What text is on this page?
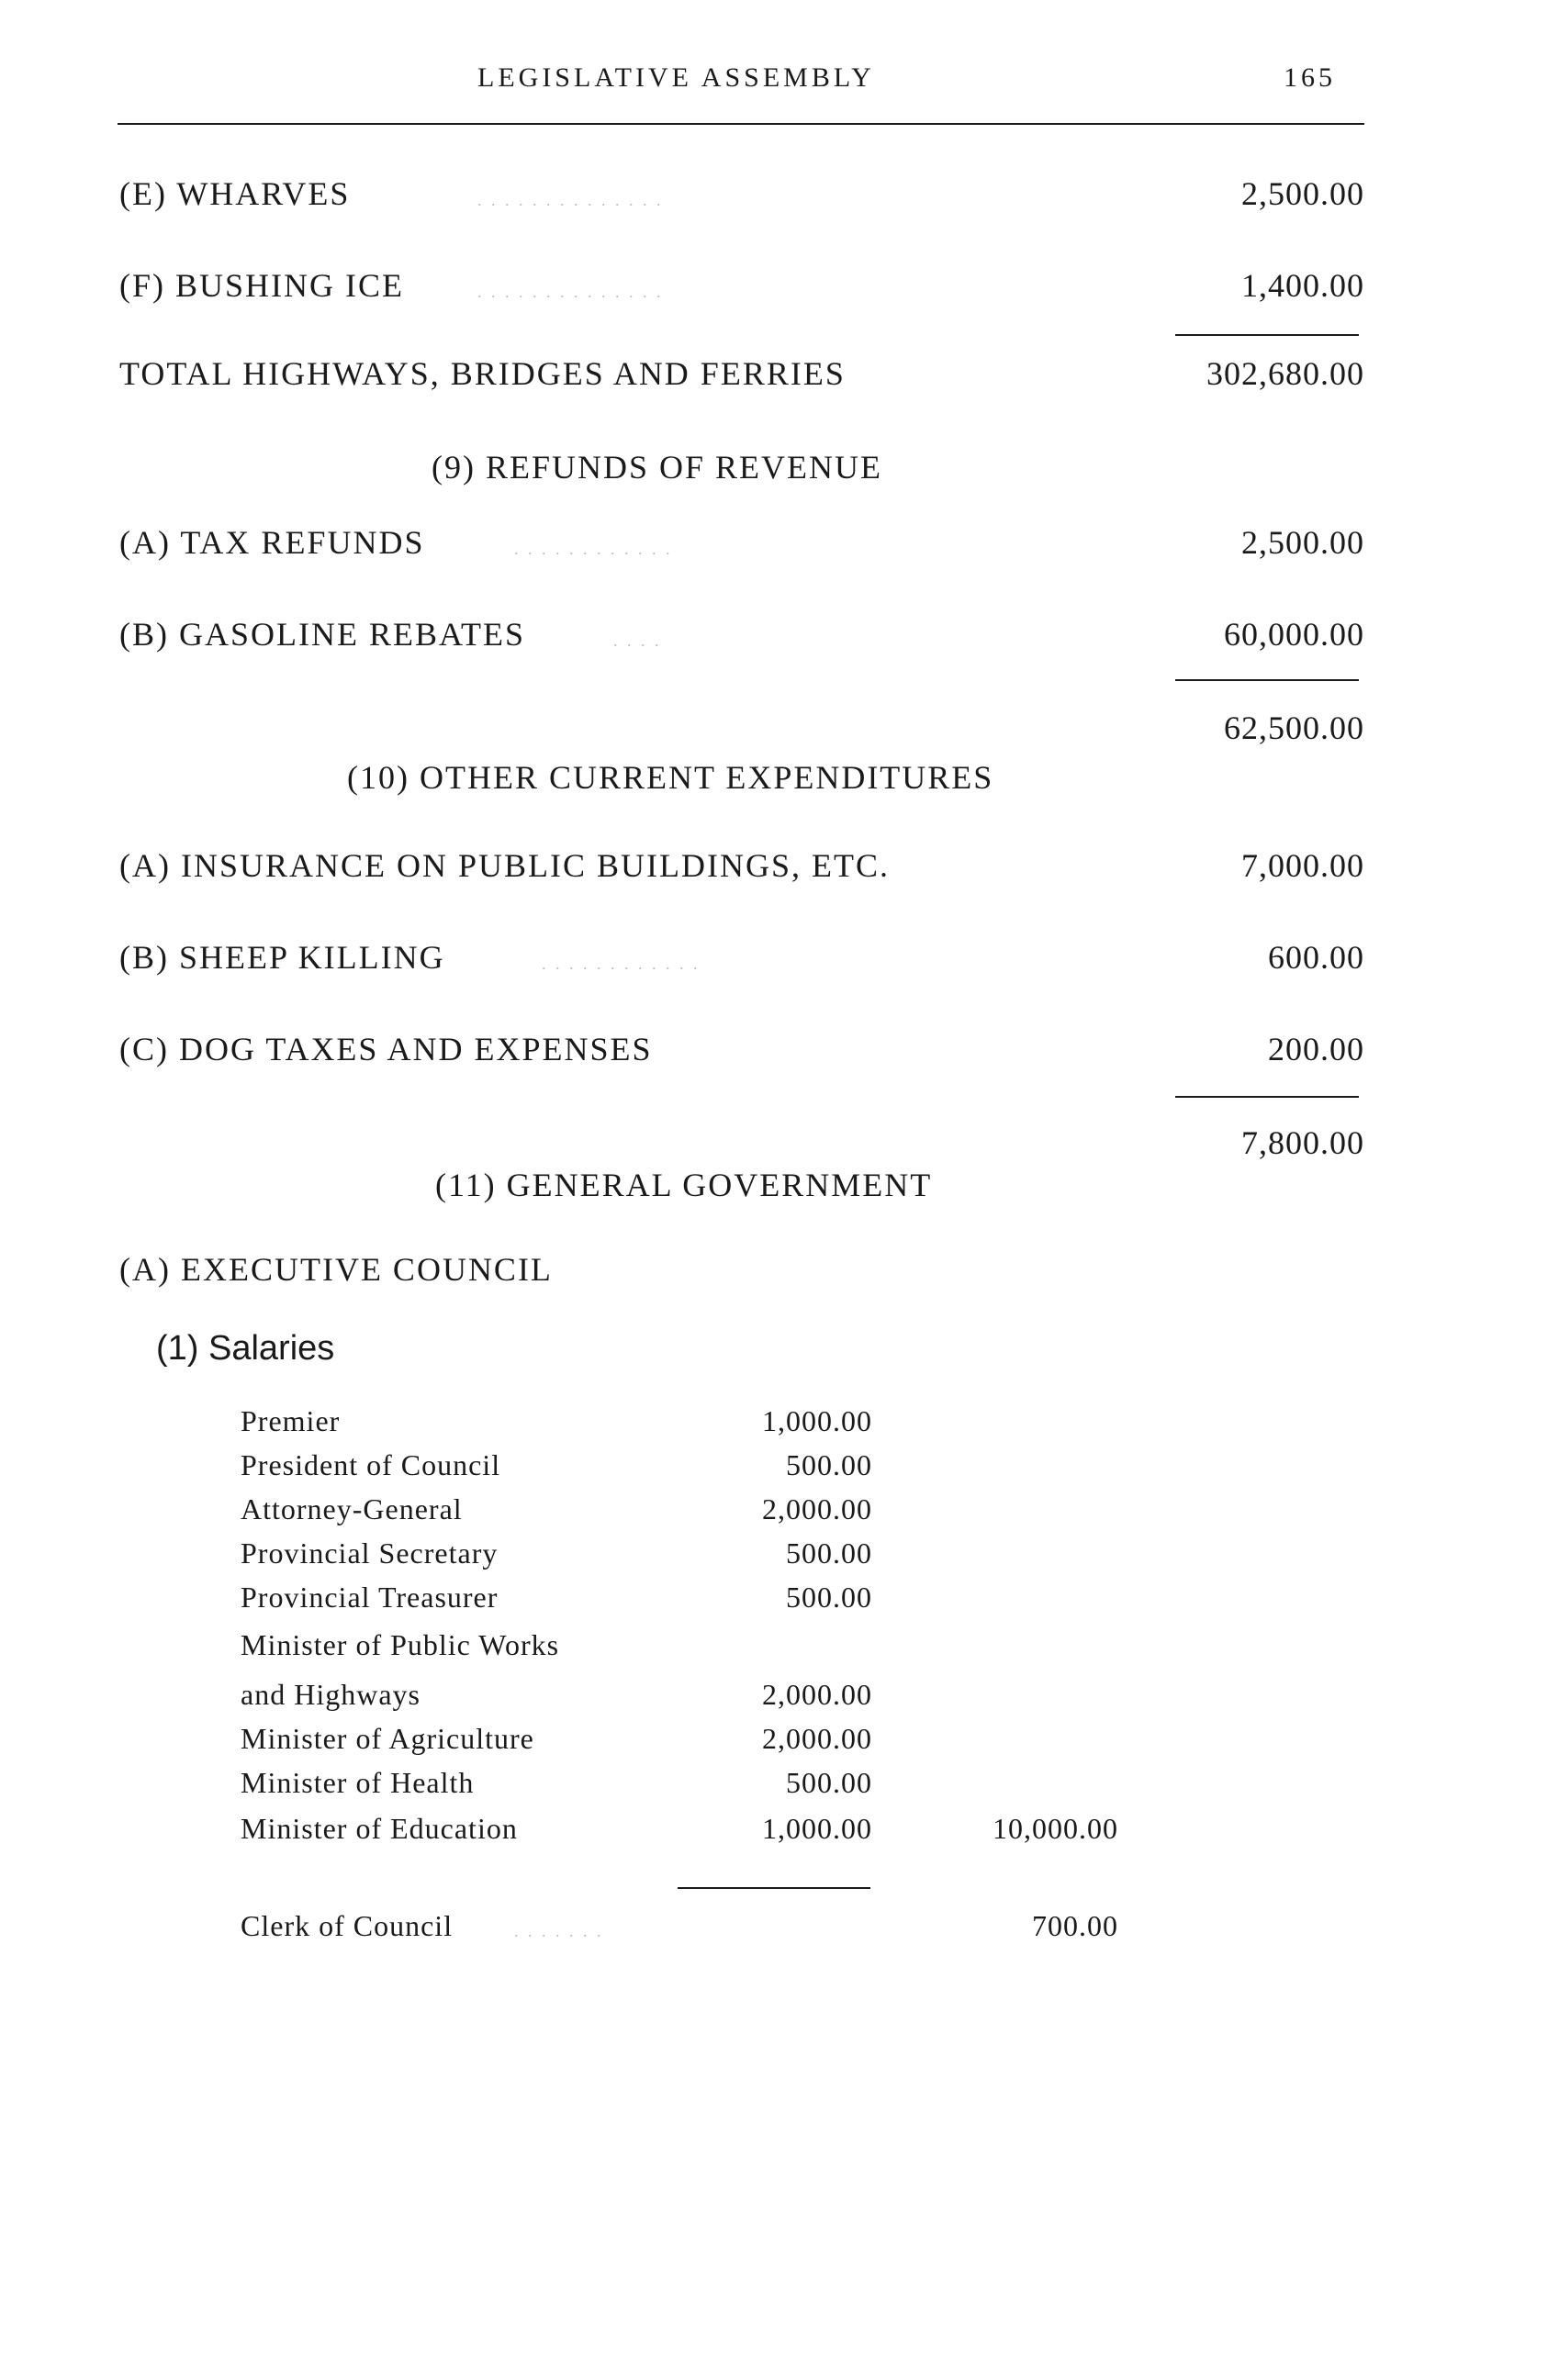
LEGISLATIVE ASSEMBLY	165
(E) WHARVES	. . . . . . . . . . . . . .	2,500.00
(F) BUSHING ICE	. . . . . . . . . . . . . .	1,400.00
TOTAL HIGHWAYS, BRIDGES AND FERRIES	302,680.00
(9) REFUNDS OF REVENUE
(A) TAX REFUNDS	. . . . . . . . . . . .	2,500.00
(B) GASOLINE REBATES	. . . .	60,000.00
62,500.00
(10) OTHER CURRENT EXPENDITURES
(A) INSURANCE ON PUBLIC BUILDINGS, ETC.	7,000.00
(B) SHEEP KILLING	. . . . . . . . . . . .	600.00
(C) DOG TAXES AND EXPENSES	200.00
7,800.00
(11) GENERAL GOVERNMENT
(A) EXECUTIVE COUNCIL
(1) Salaries
Premier	1,000.00
President of Council	500.00
Attorney-General	2,000.00
Provincial Secretary	500.00
Provincial Treasurer	500.00
Minister of Public Works
and Highways	2,000.00
Minister of Agriculture	2,000.00
Minister of Health	500.00
Minister of Education	1,000.00	10,000.00
Clerk of Council	. . . . . . .	700.00
